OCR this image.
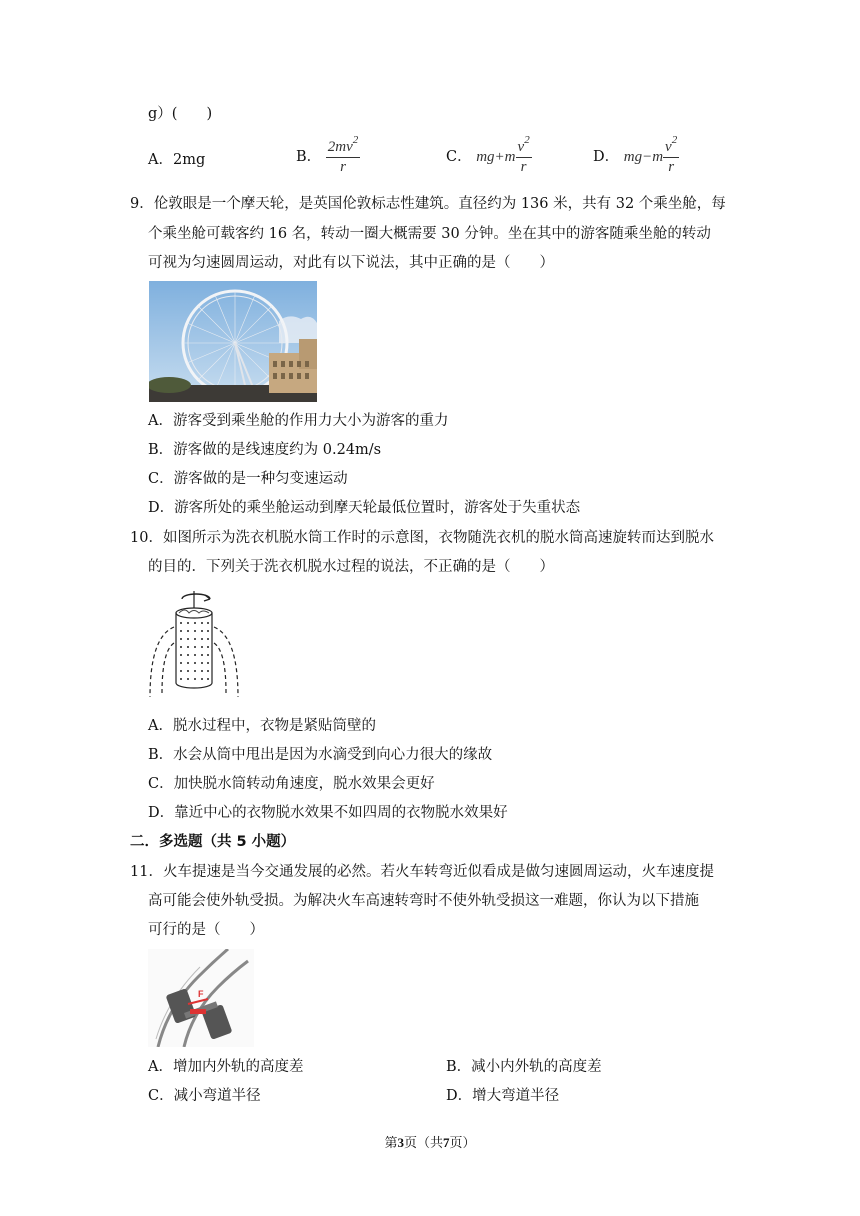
g）(　　)
A．2mg	B． $\frac{2mv^2}{r}$	C． $mg+m \frac{v^2}{r}$	D． $mg-m \frac{v^2}{r}$
9．伦敦眼是一个摩天轮，是英国伦敦标志性建筑。直径约为 136 米，共有 32 个乘坐舱，每
个乘坐舱可载客约 16 名，转动一圈大概需要 30 分钟。坐在其中的游客随乘坐舱的转动
可视为匀速圆周运动，对此有以下说法，其中正确的是（　　）
A．游客受到乘坐舱的作用力大小为游客的重力
B．游客做的是线速度约为 0.24m/s
C．游客做的是一种匀变速运动
D．游客所处的乘坐舱运动到摩天轮最低位置时，游客处于失重状态
10．如图所示为洗衣机脱水筒工作时的示意图，衣物随洗衣机的脱水筒高速旋转而达到脱水
的目的．下列关于洗衣机脱水过程的说法，不正确的是（　　）
A．脱水过程中，衣物是紧贴筒壁的
B．水会从筒中甩出是因为水滴受到向心力很大的缘故
C．加快脱水筒转动角速度，脱水效果会更好
D．靠近中心的衣物脱水效果不如四周的衣物脱水效果好
二．多选题（共 5 小题）
11．火车提速是当今交通发展的必然。若火车转弯近似看成是做匀速圆周运动，火车速度提
高可能会使外轨受损。为解决火车高速转弯时不使外轨受损这一难题，你认为以下措施
可行的是（　　）
F
A．增加内外轨的高度差	B．减小内外轨的高度差
C．减小弯道半径	D．增大弯道半径
第3页（共7页）
